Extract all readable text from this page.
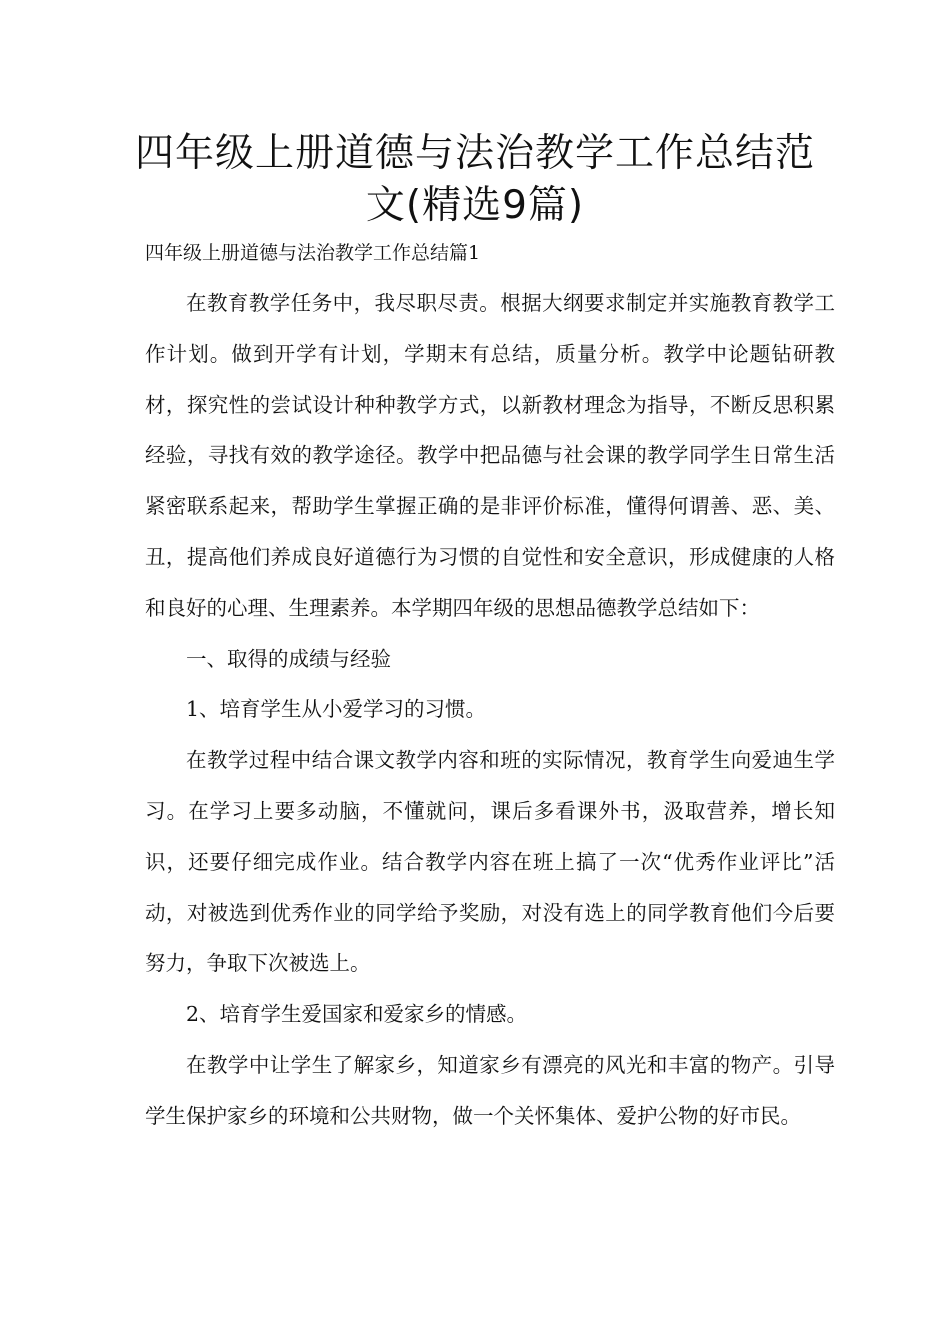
四年级上册道德与法治教学工作总结范
文(精选9篇)

四年级上册道德与法治教学工作总结篇1

在教育教学任务中，我尽职尽责。根据大纲要求制定并实施教育教学工作计划。做到开学有计划，学期末有总结，质量分析。教学中论题钻研教材，探究性的尝试设计种种教学方式，以新教材理念为指导，不断反思积累经验，寻找有效的教学途径。教学中把品德与社会课的教学同学生日常生活紧密联系起来，帮助学生掌握正确的是非评价标准，懂得何谓善、恶、美、丑，提高他们养成良好道德行为习惯的自觉性和安全意识，形成健康的人格和良好的心理、生理素养。本学期四年级的思想品德教学总结如下：

一、取得的成绩与经验

1、培育学生从小爱学习的习惯。

在教学过程中结合课文教学内容和班的实际情况，教育学生向爱迪生学习。在学习上要多动脑，不懂就问，课后多看课外书，汲取营养，增长知识，还要仔细完成作业。结合教学内容在班上搞了一次“优秀作业评比”活动，对被选到优秀作业的同学给予奖励，对没有选上的同学教育他们今后要努力，争取下次被选上。

2、培育学生爱国家和爱家乡的情感。

在教学中让学生了解家乡，知道家乡有漂亮的风光和丰富的物产。引导学生保护家乡的环境和公共财物，做一个关怀集体、爱护公物的好市民。
